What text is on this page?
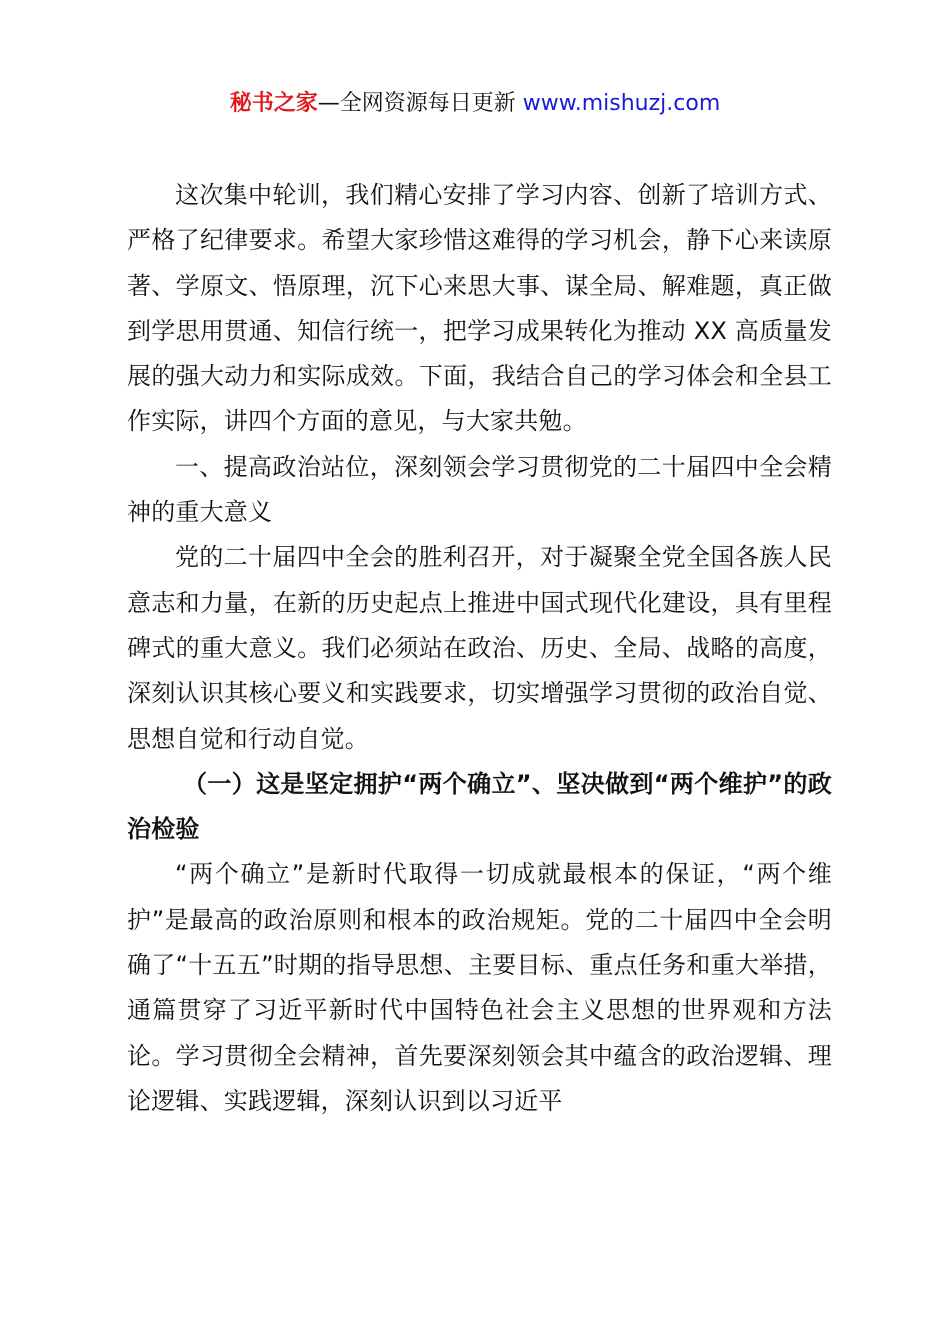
秘书之家—全网资源每日更新 www.mishuzj.com

这次集中轮训，我们精心安排了学习内容、创新了培训方式、严格了纪律要求。希望大家珍惜这难得的学习机会，静下心来读原著、学原文、悟原理，沉下心来思大事、谋全局、解难题，真正做到学思用贯通、知信行统一，把学习成果转化为推动 XX 高质量发展的强大动力和实际成效。下面，我结合自己的学习体会和全县工作实际，讲四个方面的意见，与大家共勉。

一、提高政治站位，深刻领会学习贯彻党的二十届四中全会精神的重大意义

党的二十届四中全会的胜利召开，对于凝聚全党全国各族人民意志和力量，在新的历史起点上推进中国式现代化建设，具有里程碑式的重大意义。我们必须站在政治、历史、全局、战略的高度，深刻认识其核心要义和实践要求，切实增强学习贯彻的政治自觉、思想自觉和行动自觉。

（一）这是坚定拥护“两个确立”、坚决做到“两个维护”的政治检验

“两个确立”是新时代取得一切成就最根本的保证，“两个维护”是最高的政治原则和根本的政治规矩。党的二十届四中全会明确了“十五五”时期的指导思想、主要目标、重点任务和重大举措，通篇贯穿了习近平新时代中国特色社会主义思想的世界观和方法论。学习贯彻全会精神，首先要深刻领会其中蕴含的政治逻辑、理论逻辑、实践逻辑，深刻认识到以习近平
